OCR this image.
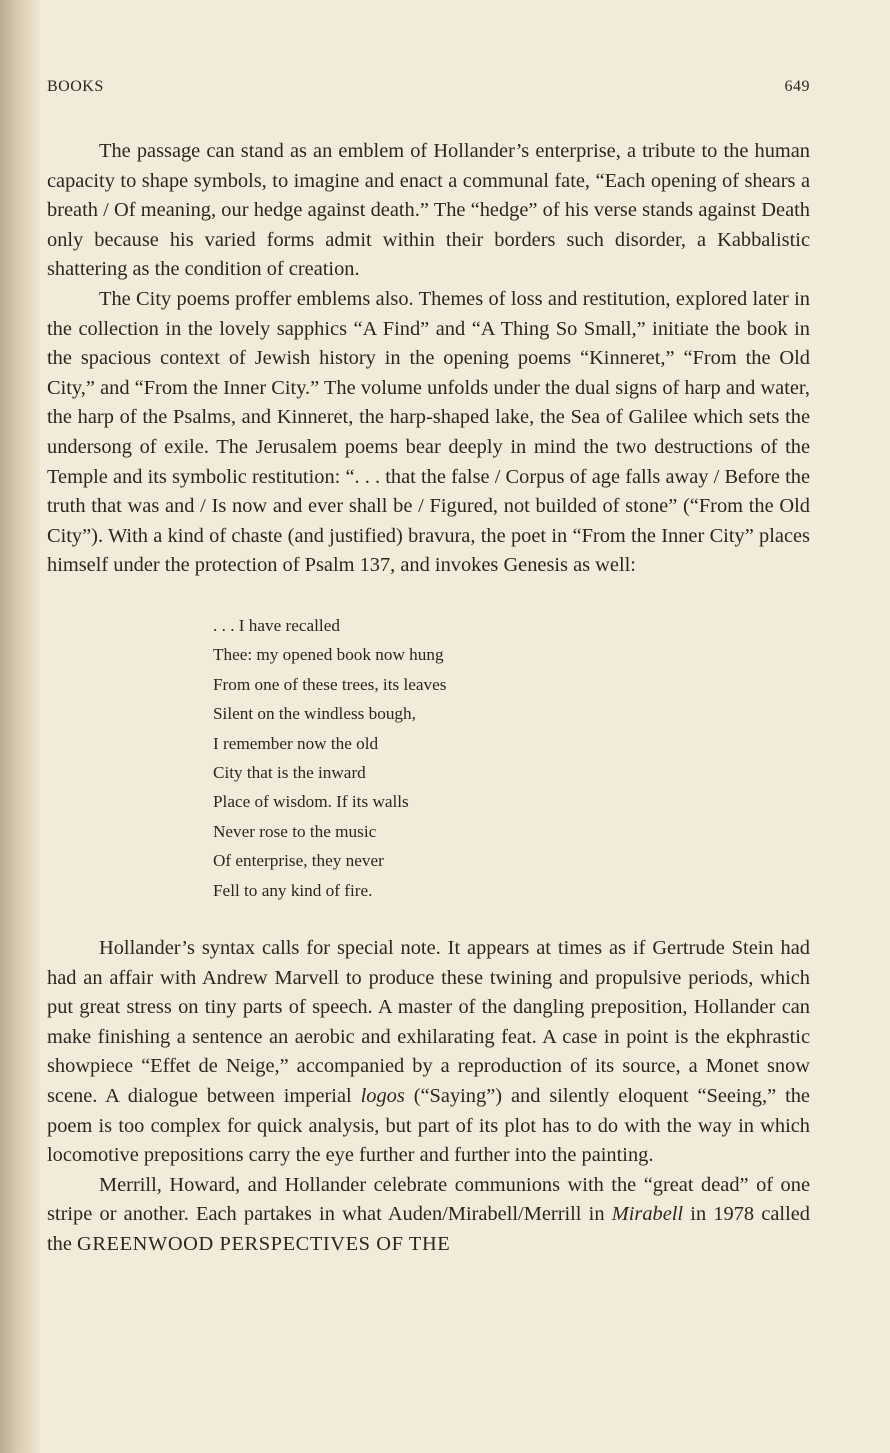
BOOKS	649

The passage can stand as an emblem of Hollander’s enterprise, a tribute to the human capacity to shape symbols, to imagine and enact a communal fate, “Each opening of shears a breath / Of meaning, our hedge against death.” The “hedge” of his verse stands against Death only because his varied forms admit within their borders such disorder, a Kabbalistic shattering as the condition of creation.

The City poems proffer emblems also. Themes of loss and restitution, explored later in the collection in the lovely sapphics “A Find” and “A Thing So Small,” initiate the book in the spacious context of Jewish history in the opening poems “Kinneret,” “From the Old City,” and “From the Inner City.” The volume unfolds under the dual signs of harp and water, the harp of the Psalms, and Kinneret, the harp-shaped lake, the Sea of Galilee which sets the undersong of exile. The Jerusalem poems bear deeply in mind the two destructions of the Temple and its symbolic restitution: “. . . that the false / Corpus of age falls away / Before the truth that was and / Is now and ever shall be / Figured, not builded of stone” (“From the Old City”). With a kind of chaste (and justified) bravura, the poet in “From the Inner City” places himself under the protection of Psalm 137, and invokes Genesis as well:

. . . I have recalled
Thee: my opened book now hung
From one of these trees, its leaves
Silent on the windless bough,
I remember now the old
City that is the inward
Place of wisdom. If its walls
Never rose to the music
Of enterprise, they never
Fell to any kind of fire.

Hollander’s syntax calls for special note. It appears at times as if Gertrude Stein had had an affair with Andrew Marvell to produce these twining and propulsive periods, which put great stress on tiny parts of speech. A master of the dangling preposition, Hollander can make finishing a sentence an aerobic and exhilarating feat. A case in point is the ekphrastic showpiece “Effet de Neige,” accompanied by a reproduction of its source, a Monet snow scene. A dialogue between imperial logos (“Saying”) and silently eloquent “Seeing,” the poem is too complex for quick analysis, but part of its plot has to do with the way in which locomotive prepositions carry the eye further and further into the painting.

Merrill, Howard, and Hollander celebrate communions with the “great dead” of one stripe or another. Each partakes in what Auden/Mirabell/Merrill in Mirabell in 1978 called the GREENWOOD PERSPECTIVES OF THE
